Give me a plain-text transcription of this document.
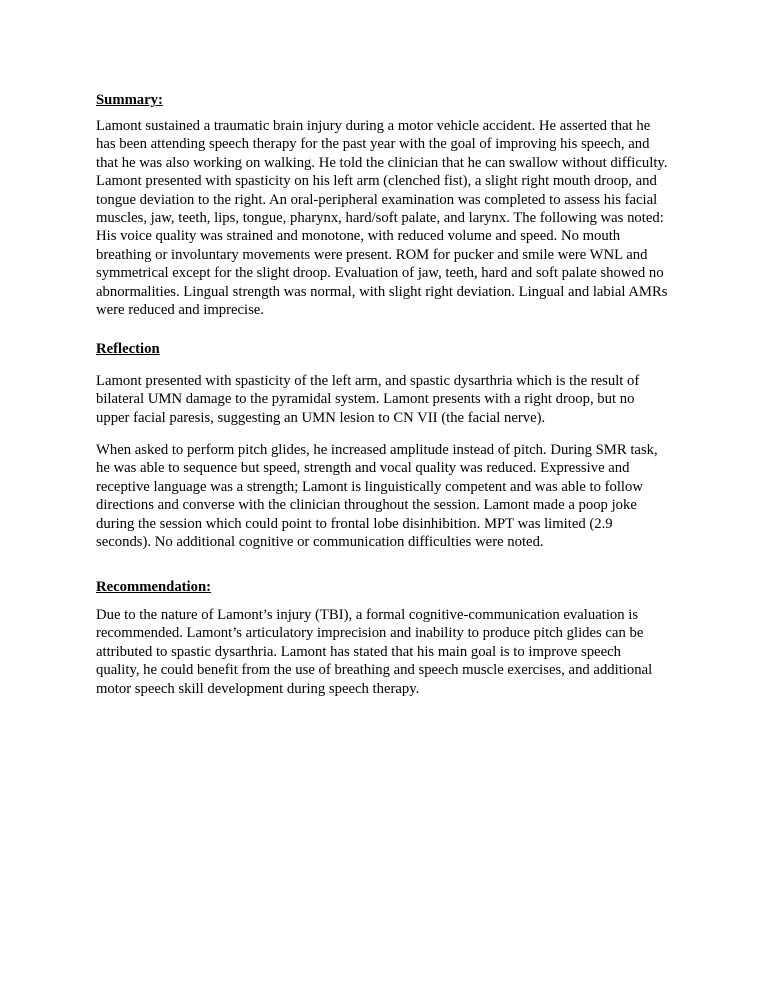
Summary:
Lamont sustained a traumatic brain injury during a motor vehicle accident. He asserted that he
has been attending speech therapy for the past year with the goal of improving his speech, and
that he was also working on walking. He told the clinician that he can swallow without difficulty.
Lamont presented with spasticity on his left arm (clenched fist), a slight right mouth droop, and
tongue deviation to the right. An oral-peripheral examination was completed to assess his facial
muscles, jaw, teeth, lips, tongue, pharynx, hard/soft palate, and larynx. The following was noted:
His voice quality was strained and monotone, with reduced volume and speed. No mouth
breathing or involuntary movements were present. ROM for pucker and smile were WNL and
symmetrical except for the slight droop. Evaluation of jaw, teeth, hard and soft palate showed no
abnormalities. Lingual strength was normal, with slight right deviation. Lingual and labial AMRs
were reduced and imprecise.
Reflection
Lamont presented with spasticity of the left arm, and spastic dysarthria which is the result of
bilateral UMN damage to the pyramidal system. Lamont presents with a right droop, but no
upper facial paresis, suggesting an UMN lesion to CN VII (the facial nerve).
When asked to perform pitch glides, he increased amplitude instead of pitch. During SMR task,
he was able to sequence but speed, strength and vocal quality was reduced. Expressive and
receptive language was a strength; Lamont is linguistically competent and was able to follow
directions and converse with the clinician throughout the session. Lamont made a poop joke
during the session which could point to frontal lobe disinhibition. MPT was limited (2.9
seconds). No additional cognitive or communication difficulties were noted.
Recommendation:
Due to the nature of Lamont’s injury (TBI), a formal cognitive-communication evaluation is
recommended. Lamont’s articulatory imprecision and inability to produce pitch glides can be
attributed to spastic dysarthria. Lamont has stated that his main goal is to improve speech
quality, he could benefit from the use of breathing and speech muscle exercises, and additional
motor speech skill development during speech therapy.
